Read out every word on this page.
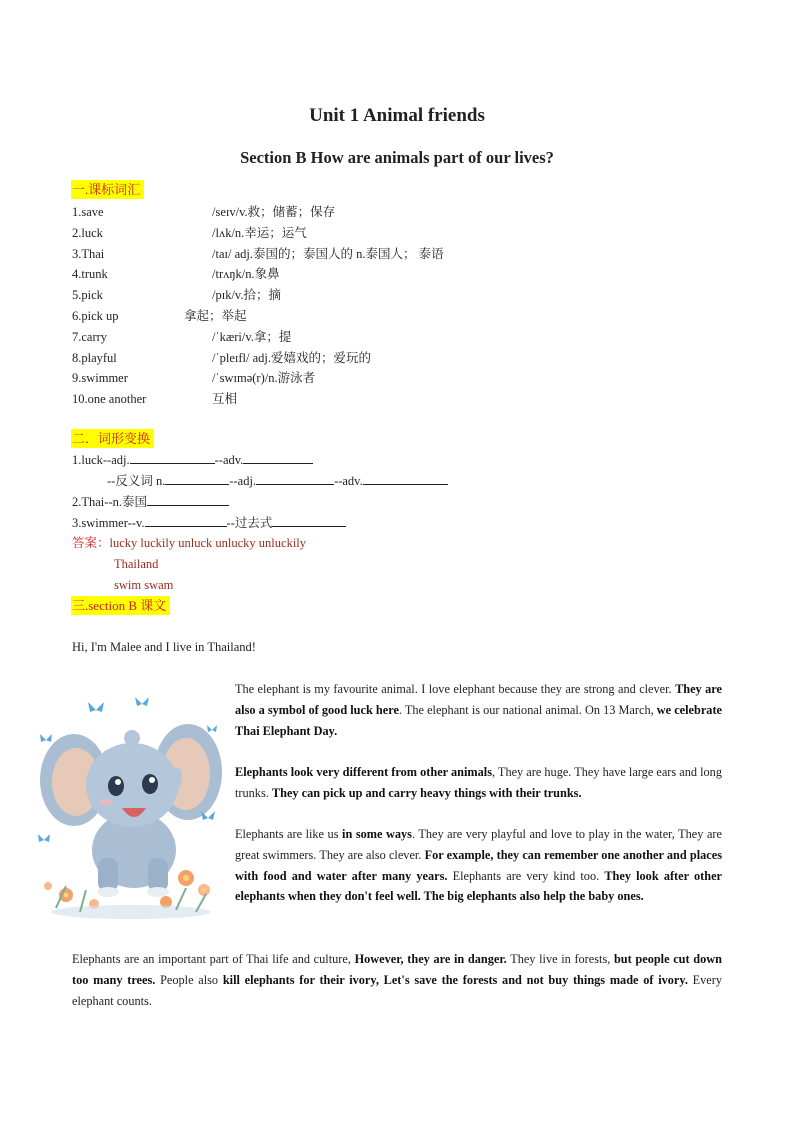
Unit 1 Animal friends
Section B How are animals part of our lives?
一.课标词汇
1.save	/seɪv/v.救；储蓄；保存
2.luck	/lʌk/n.幸运；运气
3.Thai	/taɪ/ adj.泰国的；泰国人的 n.泰国人； 泰语
4.trunk	/trʌŋk/n.象鼻
5.pick	/pɪk/v.拾；摘
6.pick up	拿起；举起
7.carry	/ˈkæri/v.拿；提
8.playful	/ˈpleɪfl/ adj.爱嬉戏的；爱玩的
9.swimmer	/ˈswɪmə(r)/n.游泳者
10.one another	互相
二．词形变换
1.luck--adj.	--adv.
--反义词 n.	--adj.	--adv.
2.Thai--n.泰国
3.swimmer--v.	--过去式
答案：lucky luckily unluck unlucky unluckily
Thailand
swim swam
三.section B 课文
Hi, I'm Malee and I live in Thailand!
The elephant is my favourite animal. I love elephant because they are strong and clever. They are also a symbol of good luck here. The elephant is our national animal. On 13 March, we celebrate Thai Elephant Day.
Elephants look very different from other animals, They are huge. They have large ears and long trunks. They can pick up and carry heavy things with their trunks.
Elephants are like us in some ways. They are very playful and love to play in the water, They are great swimmers. They are also clever. For example, they can remember one another and places with food and water after many years. Elephants are very kind too. They look after other elephants when they don't feel well. The big elephants also help the baby ones.
Elephants are an important part of Thai life and culture, However, they are in danger. They live in forests, but people cut down too many trees. People also kill elephants for their ivory, Let's save the forests and not buy things made of ivory. Every elephant counts.
